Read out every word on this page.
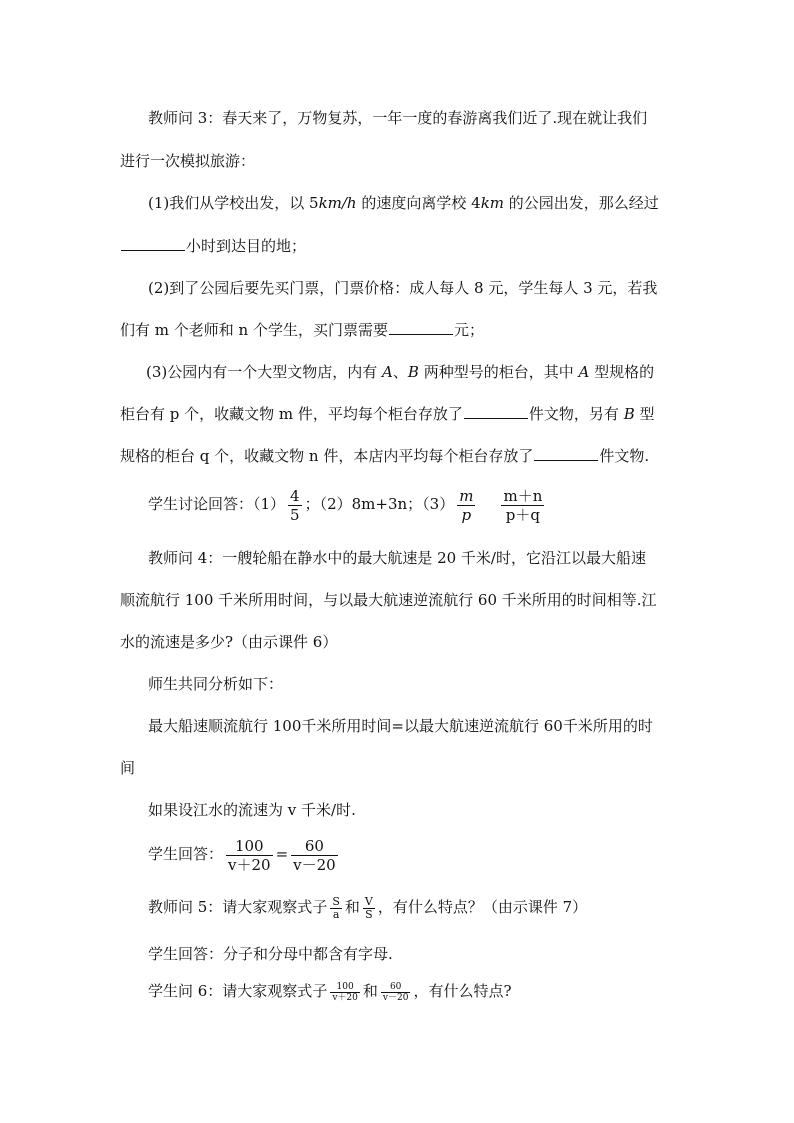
教师问 3：春天来了，万物复苏，一年一度的春游离我们近了.现在就让我们
进行一次模拟旅游：
(1)我们从学校出发，以 5km/h 的速度向离学校 4km 的公园出发，那么经过
小时到达目的地；
(2)到了公园后要先买门票，门票价格：成人每人 8 元，学生每人 3 元，若我
们有 m 个老师和 n 个学生，买门票需要	元；
(3)公园内有一个大型文物店，内有 A、B 两种型号的柜台，其中 A 型规格的
柜台有 p 个，收藏文物 m 件，平均每个柜台存放了	件文物，另有 B 型
规格的柜台 q 个，收藏文物 n 件，本店内平均每个柜台存放了	件文物.
学生讨论回答：$(1) \frac{4}{5}$ ；（2）8m+3n；$(3) \frac{m}{p} \frac{m+n}{p+q}$
教师问 4：一艘轮船在静水中的最大航速是 20 千米/时，它沿江以最大船速
顺流航行 100 千米所用时间，与以最大航速逆流航行 60 千米所用的时间相等.江
水的流速是多少?（由示课件 6）
师生共同分析如下：
最大船速顺流航行 100千米所用时间=以最大航速逆流航行 60千米所用的时
间
如果设江水的流速为 v 千米/时.
学生回答： $\frac{100}{v+20} = \frac{60}{v-20}$
教师问 5：请大家观察式子 $\frac{S}{a}$ 和 $\frac{V}{S}$ ，有什么特点？（由示课件 7）
学生回答：分子和分母中都含有字母.
学生问 6：请大家观察式子 $\frac{100}{v+20}$ 和 $\frac{60}{v-20}$ ，有什么特点?
